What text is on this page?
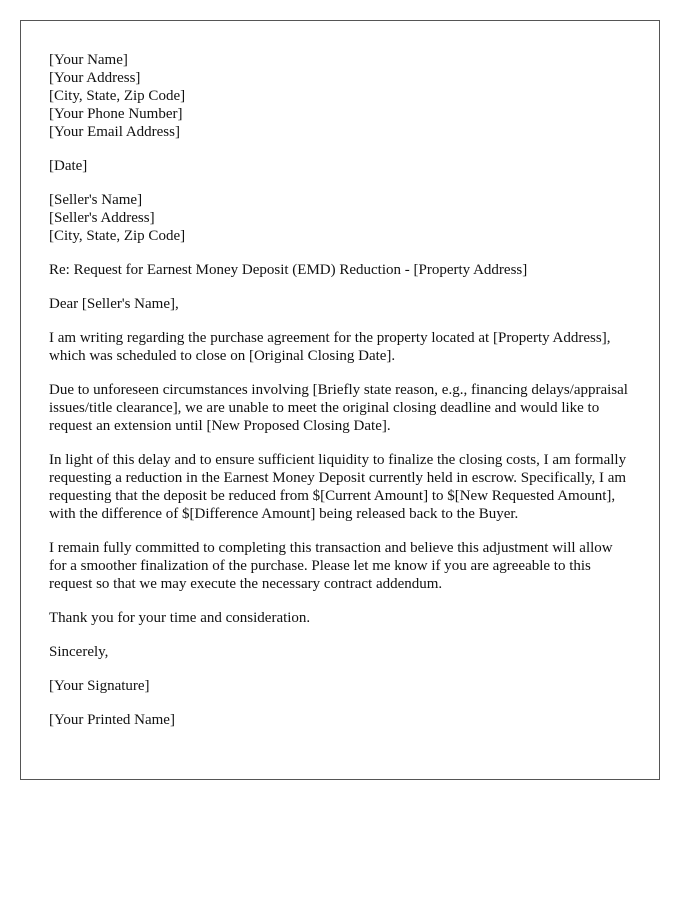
[Your Name]
[Your Address]
[City, State, Zip Code]
[Your Phone Number]
[Your Email Address]

[Date]

[Seller's Name]
[Seller's Address]
[City, State, Zip Code]

Re: Request for Earnest Money Deposit (EMD) Reduction - [Property Address]

Dear [Seller's Name],

I am writing regarding the purchase agreement for the property located at [Property Address], which was scheduled to close on [Original Closing Date].

Due to unforeseen circumstances involving [Briefly state reason, e.g., financing delays/appraisal issues/title clearance], we are unable to meet the original closing deadline and would like to request an extension until [New Proposed Closing Date].

In light of this delay and to ensure sufficient liquidity to finalize the closing costs, I am formally requesting a reduction in the Earnest Money Deposit currently held in escrow. Specifically, I am requesting that the deposit be reduced from $[Current Amount] to $[New Requested Amount], with the difference of $[Difference Amount] being released back to the Buyer.

I remain fully committed to completing this transaction and believe this adjustment will allow for a smoother finalization of the purchase. Please let me know if you are agreeable to this request so that we may execute the necessary contract addendum.

Thank you for your time and consideration.

Sincerely,

[Your Signature]

[Your Printed Name]
